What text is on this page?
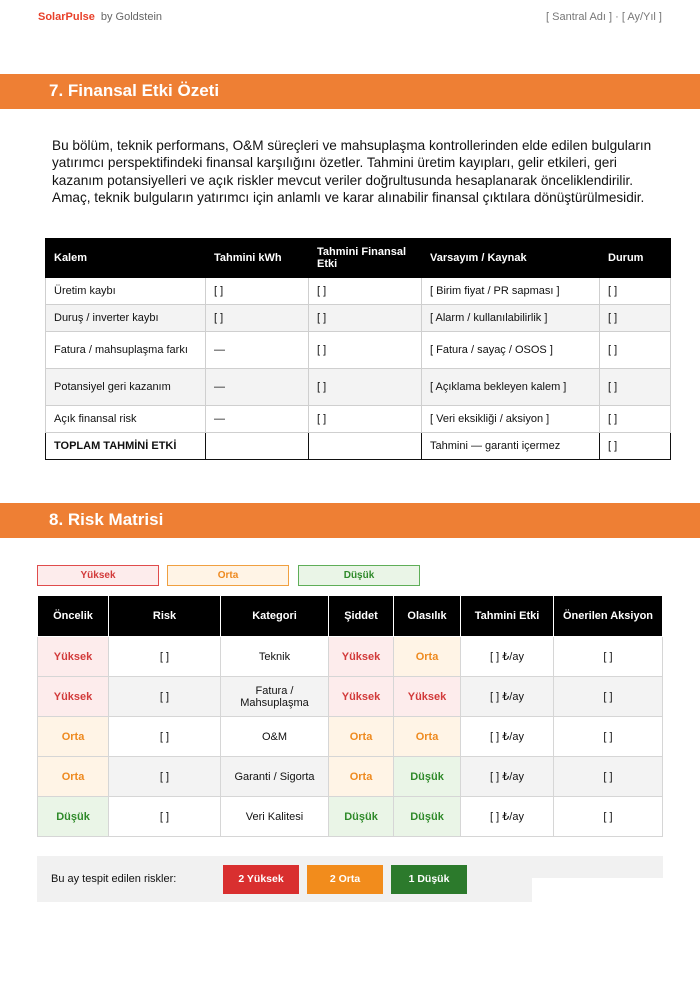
SolarPulse by Goldstein	[ Santral Adı ] · [ Ay/Yıl ]
7. Finansal Etki Özeti

Bu bölüm, teknik performans, O&M süreçleri ve mahsuplaşma kontrollerinden elde edilen bulguların yatırımcı perspektifindeki finansal karşılığını özetler. Tahmini üretim kayıpları, gelir etkileri, geri kazanım potansiyelleri ve açık riskler mevcut veriler doğrultusunda hesaplanarak önceliklendirilir. Amaç, teknik bulguların yatırımcı için anlamlı ve karar alınabilir finansal çıktılara dönüştürülmesidir.

Kalem	Tahmini kWh	Tahmini Finansal Etki	Varsayım / Kaynak	Durum
Üretim kaybı	[ ]	[ ]	[ Birim fiyat / PR sapması ]	[ ]
Duruş / inverter kaybı	[ ]	[ ]	[ Alarm / kullanılabilirlik ]	[ ]
Fatura / mahsuplaşma farkı	—	[ ]	[ Fatura / sayaç / OSOS ]	[ ]
Potansiyel geri kazanım	—	[ ]	[ Açıklama bekleyen kalem ]	[ ]
Açık finansal risk	—	[ ]	[ Veri eksikliği / aksiyon ]	[ ]
TOPLAM TAHMİNİ ETKİ			Tahmini — garanti içermez	[ ]
8. Risk Matrisi
Yüksek	Orta	Düşük
Öncelik	Risk	Kategori	Şiddet	Olasılık	Tahmini Etki	Önerilen Aksiyon
Yüksek	[ ]	Teknik	Yüksek	Orta	[ ] ₺/ay	[ ]
Yüksek	[ ]	Fatura / Mahsuplaşma	Yüksek	Yüksek	[ ] ₺/ay	[ ]
Orta	[ ]	O&M	Orta	Orta	[ ] ₺/ay	[ ]
Orta	[ ]	Garanti / Sigorta	Orta	Düşük	[ ] ₺/ay	[ ]
Düşük	[ ]	Veri Kalitesi	Düşük	Düşük	[ ] ₺/ay	[ ]
Bu ay tespit edilen riskler:	2 Yüksek	2 Orta	1 Düşük
